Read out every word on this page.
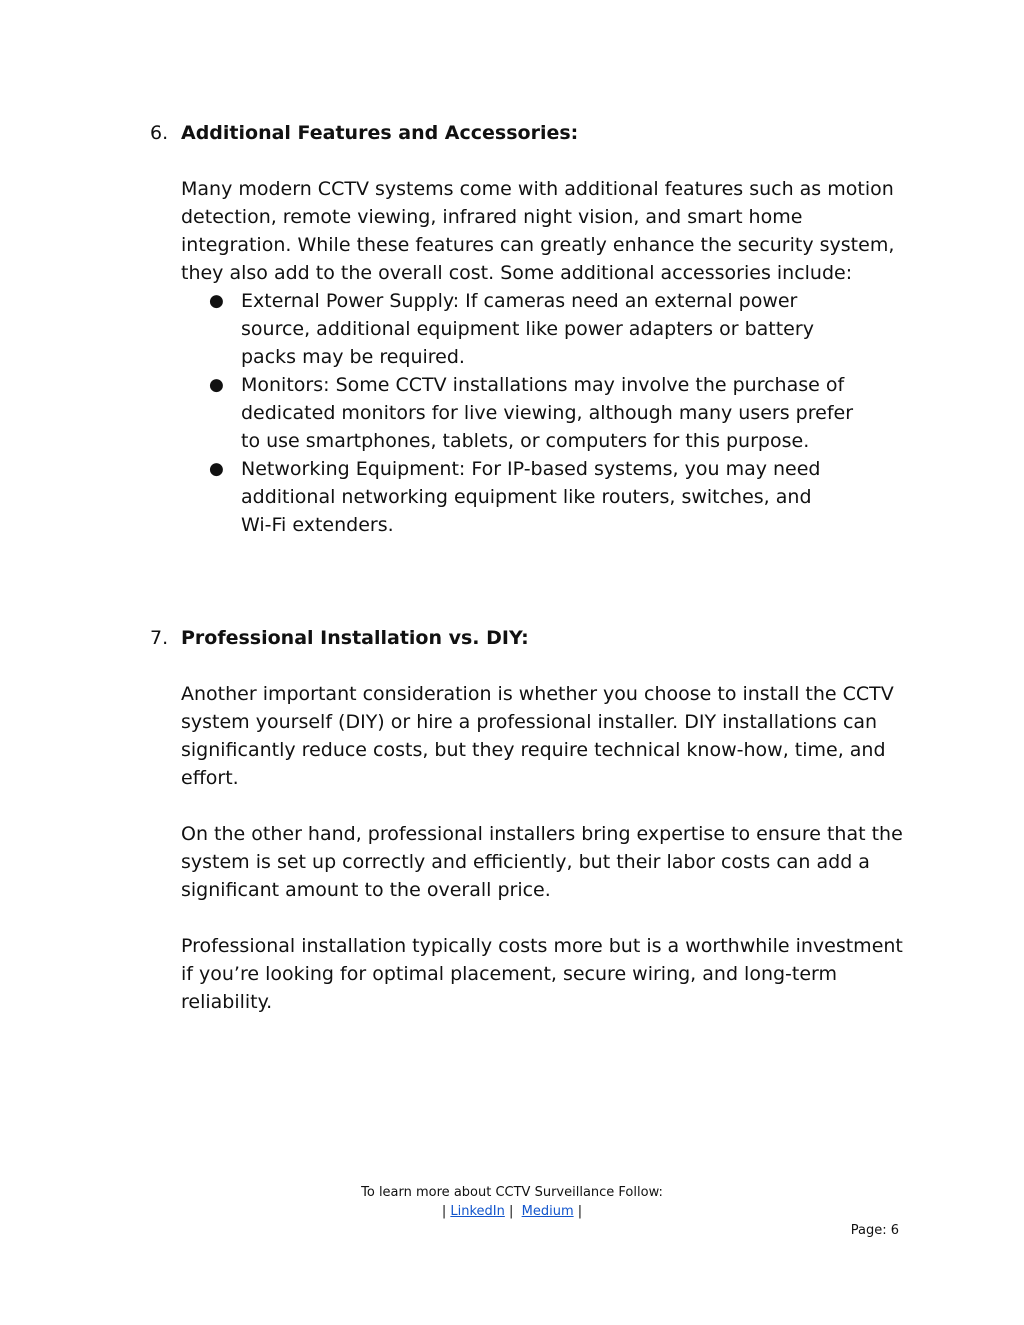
6. Additional Features and Accessories:

Many modern CCTV systems come with additional features such as motion detection, remote viewing, infrared night vision, and smart home integration. While these features can greatly enhance the security system, they also add to the overall cost. Some additional accessories include:

● External Power Supply: If cameras need an external power
source, additional equipment like power adapters or battery
packs may be required.
● Monitors: Some CCTV installations may involve the purchase of
dedicated monitors for live viewing, although many users prefer
to use smartphones, tablets, or computers for this purpose.
● Networking Equipment: For IP-based systems, you may need
additional networking equipment like routers, switches, and
Wi-Fi extenders.
7. Professional Installation vs. DIY:

Another important consideration is whether you choose to install the CCTV system yourself (DIY) or hire a professional installer. DIY installations can significantly reduce costs, but they require technical know-how, time, and effort.

On the other hand, professional installers bring expertise to ensure that the system is set up correctly and efficiently, but their labor costs can add a significant amount to the overall price.

Professional installation typically costs more but is a worthwhile investment if you’re looking for optimal placement, secure wiring, and long-term reliability.

To learn more about CCTV Surveillance Follow:
| LinkedIn | Medium |
Page: 6
